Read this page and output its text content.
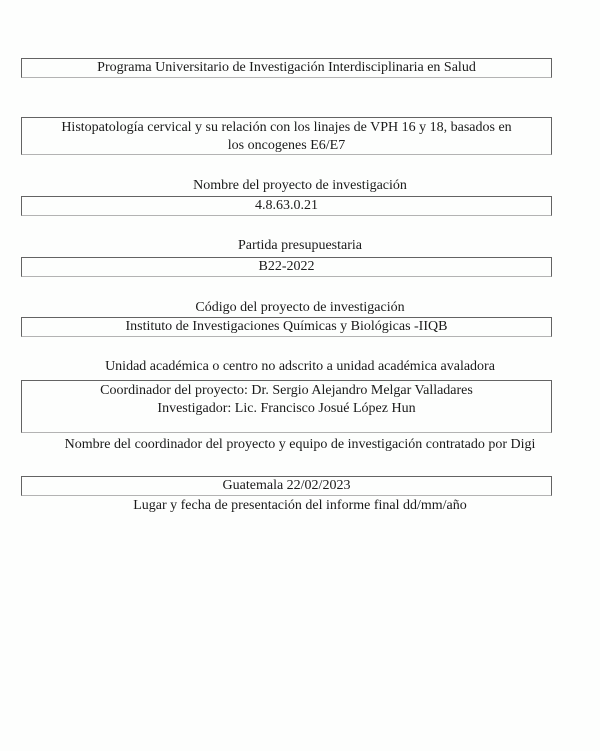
Programa Universitario de Investigación Interdisciplinaria en Salud
Histopatología cervical y su relación con los linajes de VPH 16 y 18, basados en
los oncogenes E6/E7
Nombre del proyecto de investigación
4.8.63.0.21
Partida presupuestaria
B22-2022
Código del proyecto de investigación
Instituto de Investigaciones Químicas y Biológicas -IIQB
Unidad académica o centro no adscrito a unidad académica avaladora
Coordinador del proyecto: Dr. Sergio Alejandro Melgar Valladares
Investigador: Lic. Francisco Josué López Hun
Nombre del coordinador del proyecto y equipo de investigación contratado por Digi
Guatemala 22/02/2023
Lugar y fecha de presentación del informe final dd/mm/año
